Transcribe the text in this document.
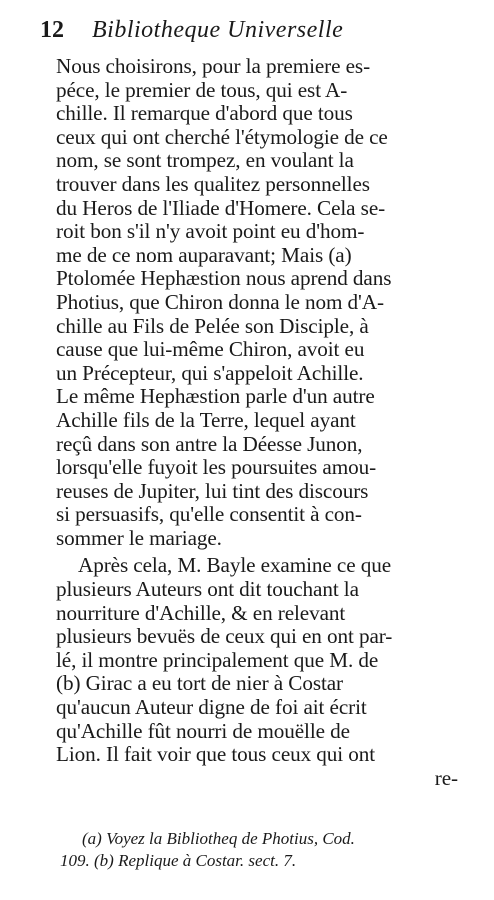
12 Bibliotheque Universelle
Nous choisirons, pour la premiere es-
péce, le premier de tous, qui est A-
chille. Il remarque d'abord que tous
ceux qui ont cherché l'étymologie de ce
nom, se sont trompez, en voulant la
trouver dans les qualitez personnelles
du Heros de l'Iliade d'Homere. Cela se-
roit bon s'il n'y avoit point eu d'hom-
me de ce nom auparavant; Mais (a)
Ptolomée Hephæstion nous aprend dans
Photius, que Chiron donna le nom d'A-
chille au Fils de Pelée son Disciple, à
cause que lui-même Chiron, avoit eu
un Précepteur, qui s'appeloit Achille.
Le même Hephæstion parle d'un autre
Achille fils de la Terre, lequel ayant
reçû dans son antre la Déesse Junon,
lorsqu'elle fuyoit les poursuites amou-
reuses de Jupiter, lui tint des discours
si persuasifs, qu'elle consentit à con-
sommer le mariage.
Après cela, M. Bayle examine ce que
plusieurs Auteurs ont dit touchant la
nourriture d'Achille, & en relevant
plusieurs bevuës de ceux qui en ont par-
lé, il montre principalement que M. de
(b) Girac a eu tort de nier à Costar
qu'aucun Auteur digne de foi ait écrit
qu'Achille fût nourri de mouëlle de
Lion. Il fait voir que tous ceux qui ont
re-
(a) Voyez la Bibliotheq de Photius, Cod.
109. (b) Replique à Costar. sect. 7.
